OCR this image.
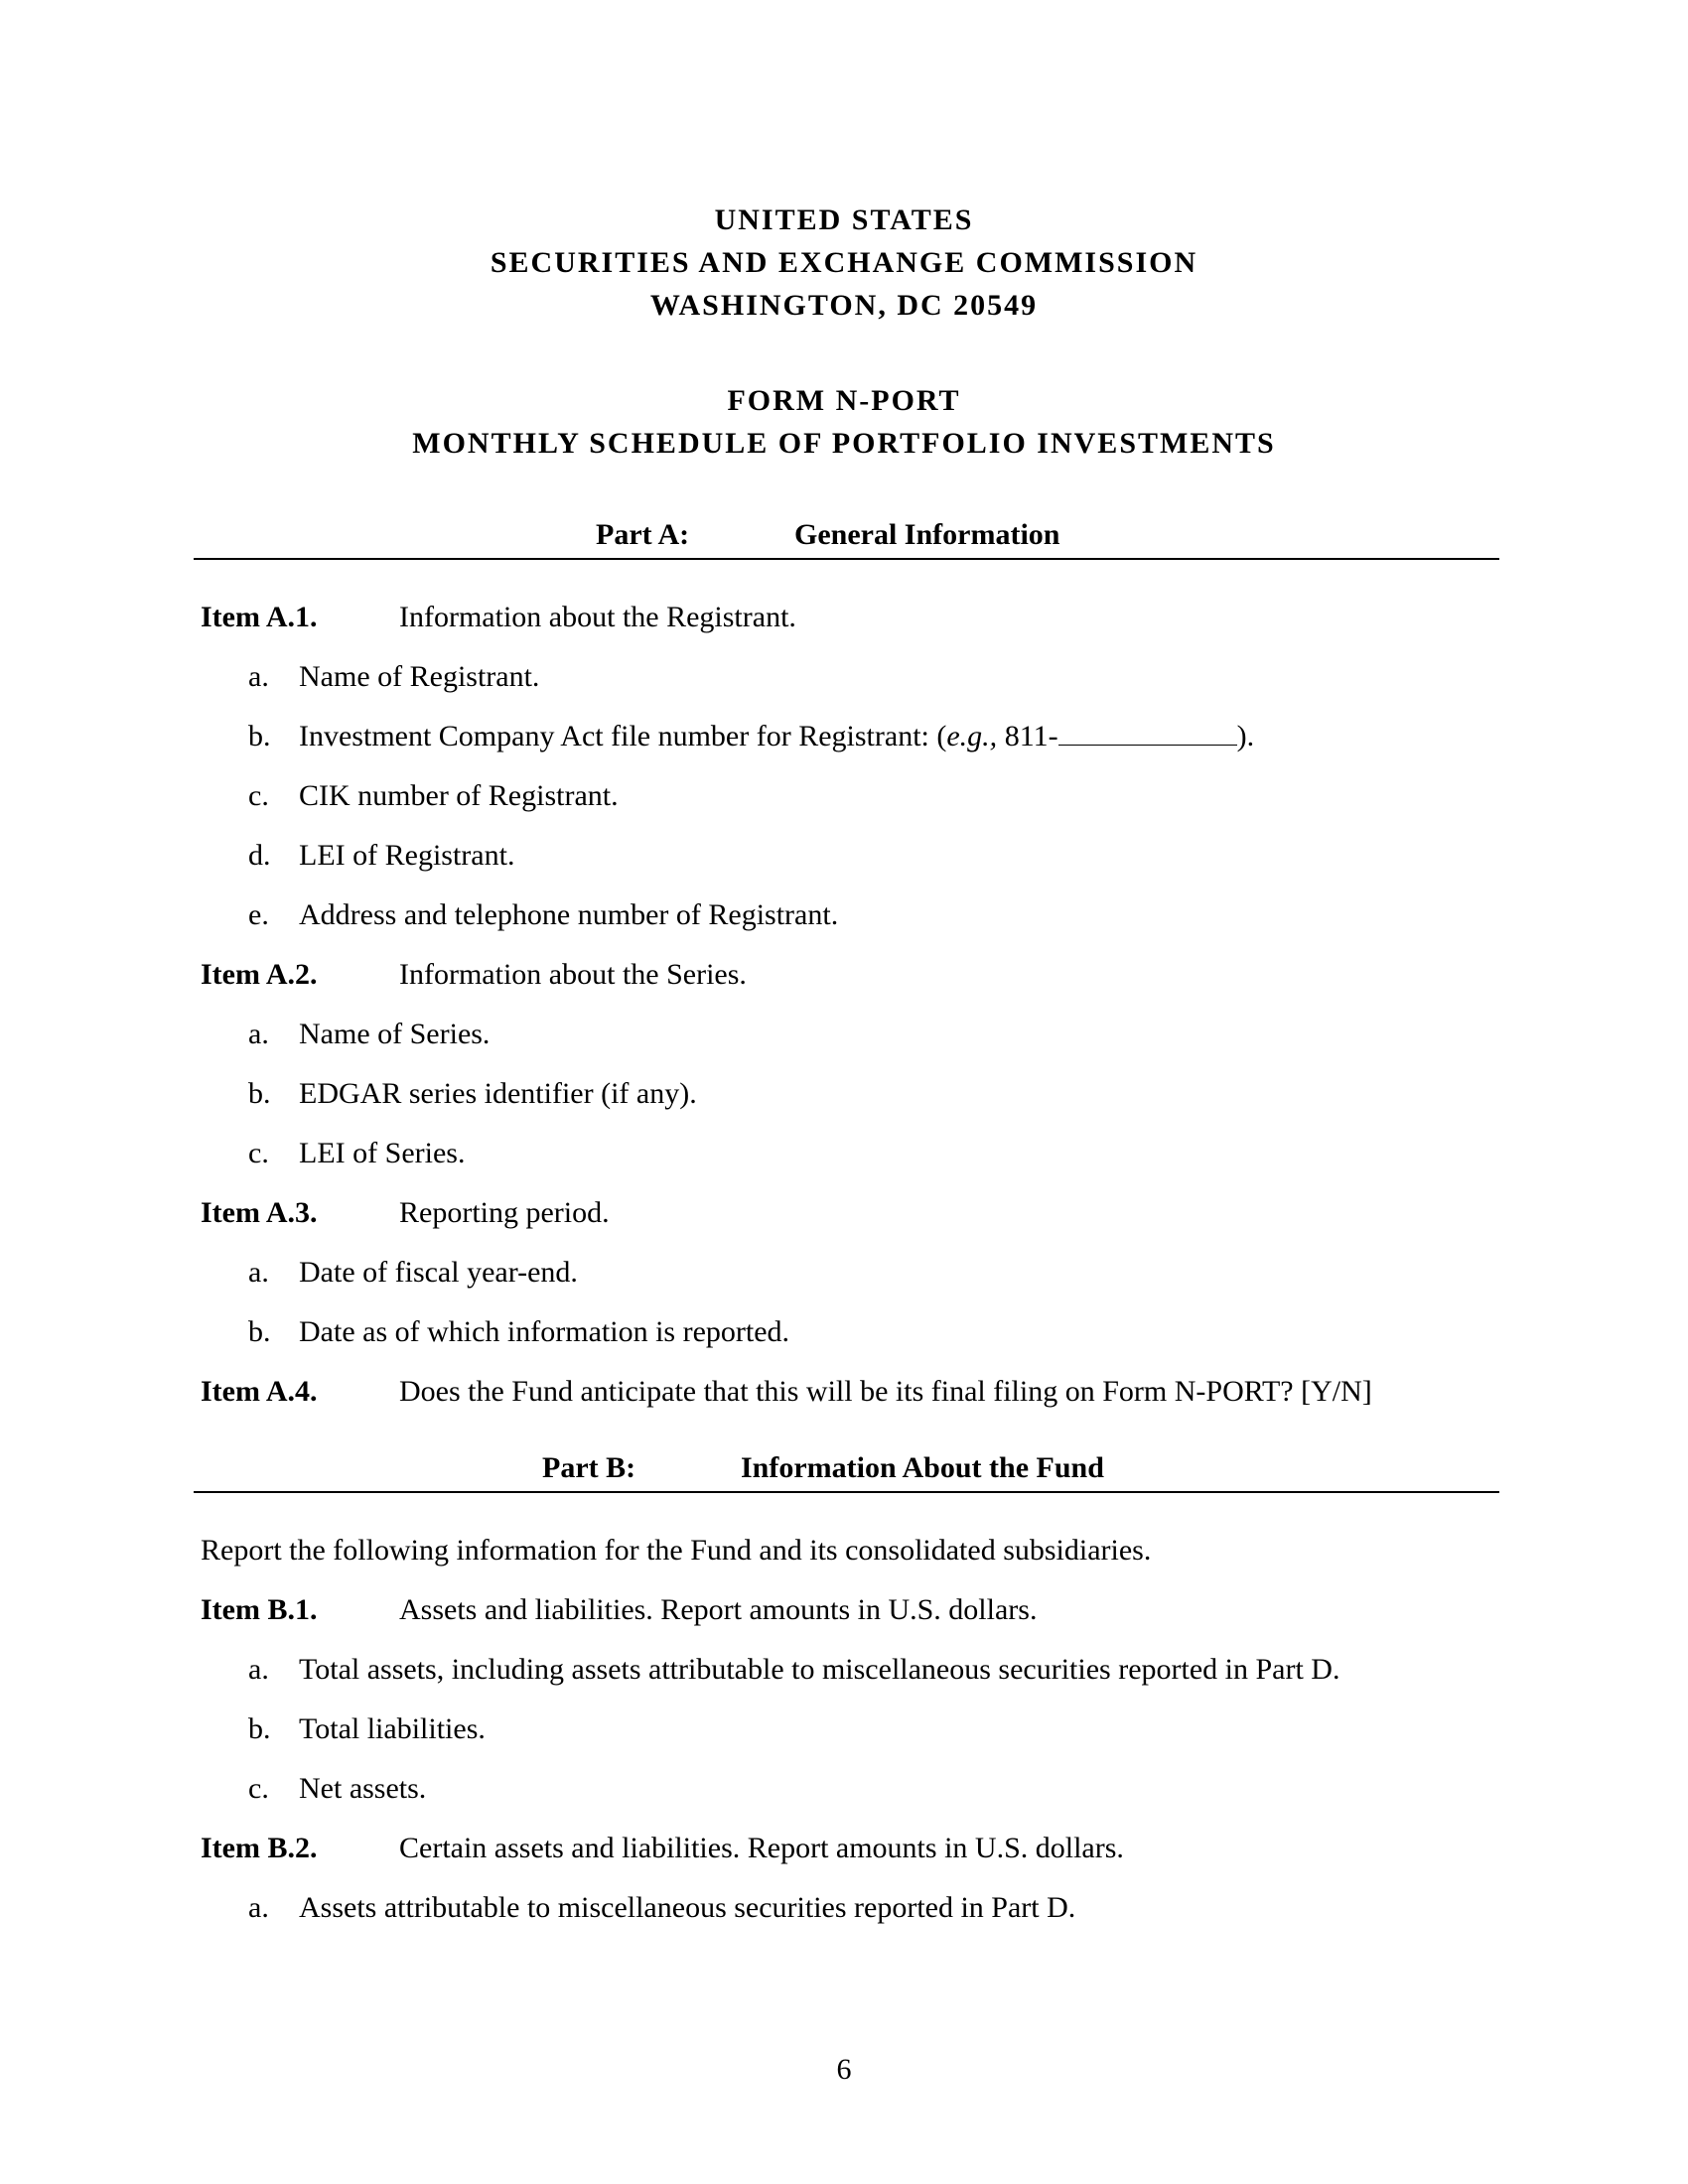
UNITED STATES
SECURITIES AND EXCHANGE COMMISSION
WASHINGTON, DC 20549
FORM N-PORT
MONTHLY SCHEDULE OF PORTFOLIO INVESTMENTS
Part A:	General Information
Item A.1.	Information about the Registrant.
a. Name of Registrant.
b. Investment Company Act file number for Registrant: (e.g., 811-	).
c. CIK number of Registrant.
d. LEI of Registrant.
e. Address and telephone number of Registrant.
Item A.2.	Information about the Series.
a. Name of Series.
b. EDGAR series identifier (if any).
c. LEI of Series.
Item A.3.	Reporting period.
a. Date of fiscal year-end.
b. Date as of which information is reported.
Item A.4.	Does the Fund anticipate that this will be its final filing on Form N-PORT? [Y/N]
Part B:	Information About the Fund
Report the following information for the Fund and its consolidated subsidiaries.
Item B.1.	Assets and liabilities. Report amounts in U.S. dollars.
a. Total assets, including assets attributable to miscellaneous securities reported in Part D.
b. Total liabilities.
c. Net assets.
Item B.2.	Certain assets and liabilities. Report amounts in U.S. dollars.
a. Assets attributable to miscellaneous securities reported in Part D.
6
